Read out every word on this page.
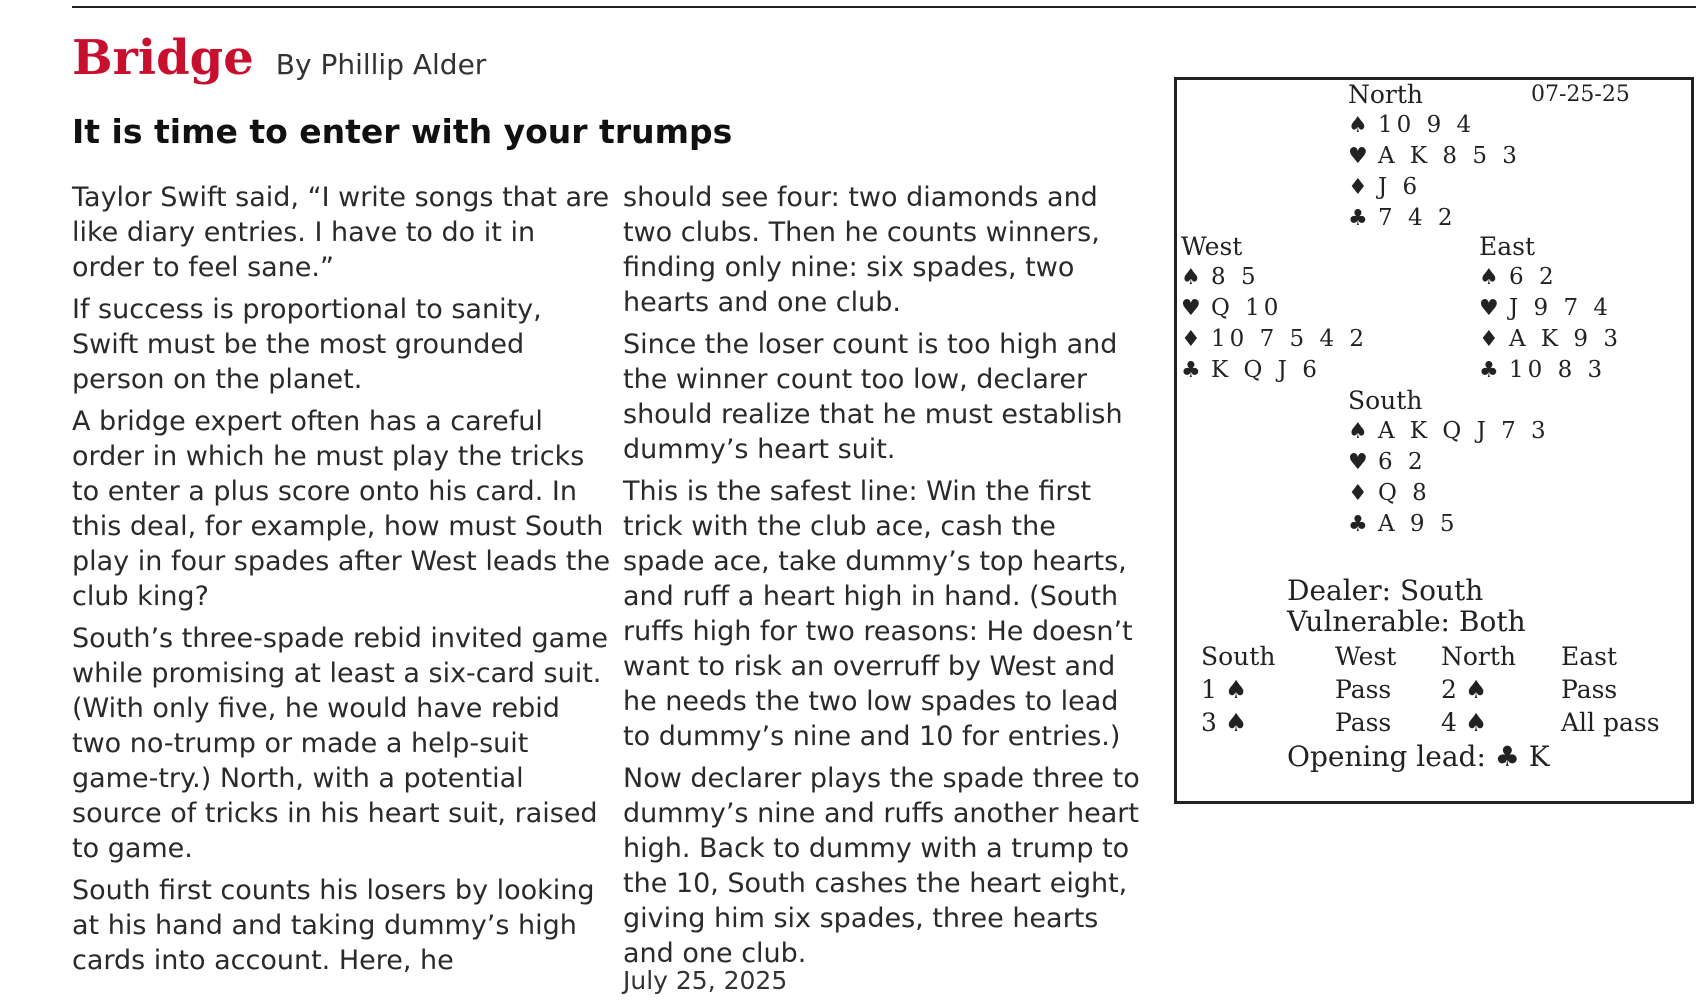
Bridge By Phillip Alder
It is time to enter with your trumps

Taylor Swift said, “I write songs that are like diary entries. I have to do it in order to feel sane.”

If success is proportional to sanity, Swift must be the most grounded person on the planet.

A bridge expert often has a careful order in which he must play the tricks to enter a plus score onto his card. In this deal, for example, how must South play in four spades after West leads the club king?

South’s three-spade rebid invited game while promising at least a six-card suit. (With only five, he would have rebid two no-trump or made a help-suit game-try.) North, with a potential source of tricks in his heart suit, raised to game.

South first counts his losers by looking at his hand and taking dummy’s high cards into account. Here, he

should see four: two diamonds and two clubs. Then he counts winners, finding only nine: six spades, two hearts and one club.

Since the loser count is too high and the winner count too low, declarer should realize that he must establish dummy’s heart suit.

This is the safest line: Win the first trick with the club ace, cash the spade ace, take dummy’s top hearts, and ruff a heart high in hand. (South ruffs high for two reasons: He doesn’t want to risk an overruff by West and he needs the two low spades to lead to dummy’s nine and 10 for entries.)

Now declarer plays the spade three to dummy’s nine and ruffs another heart high. Back to dummy with a trump to the 10, South cashes the heart eight, giving him six spades, three hearts and one club.

July 25, 2025
07-25-25
North
♠ 10 9 4
♥ A K 8 5 3
♦ J 6
♣ 7 4 2
West
♠ 8 5
♥ Q 10
♦ 10 7 5 4 2
♣ K Q J 6
East
♠ 6 2
♥ J 9 7 4
♦ A K 9 3
♣ 10 8 3
South
♠ A K Q J 7 3
♥ 6 2
♦ Q 8
♣ A 9 5
Dealer: South
Vulnerable: Both
South	West	North	East
1 ♠	Pass	2 ♠	Pass
3 ♠	Pass	4 ♠	All pass
Opening lead: ♣ K
